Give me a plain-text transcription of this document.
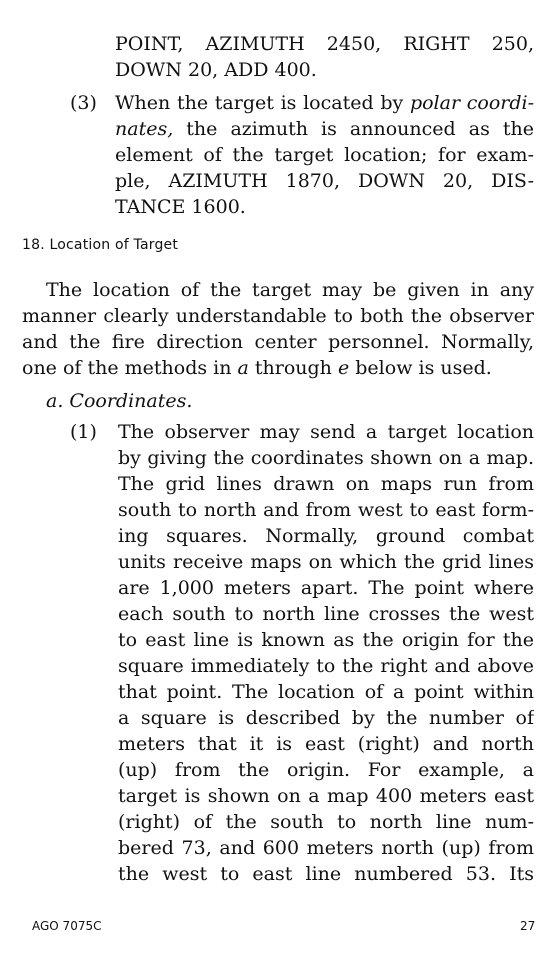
POINT, AZIMUTH 2450, RIGHT 250,
DOWN 20, ADD 400.
(3) When the target is located by polar coordi-
nates, the azimuth is announced as the
element of the target location; for exam-
ple, AZIMUTH 1870, DOWN 20, DIS-
TANCE 1600.
18. Location of Target
The location of the target may be given in any
manner clearly understandable to both the observer
and the fire direction center personnel. Normally,
one of the methods in a through e below is used.
a. Coordinates.
(1) The observer may send a target location
by giving the coordinates shown on a map.
The grid lines drawn on maps run from
south to north and from west to east form-
ing squares. Normally, ground combat
units receive maps on which the grid lines
are 1,000 meters apart. The point where
each south to north line crosses the west
to east line is known as the origin for the
square immediately to the right and above
that point. The location of a point within
a square is described by the number of
meters that it is east (right) and north
(up) from the origin. For example, a
target is shown on a map 400 meters east
(right) of the south to north line num-
bered 73, and 600 meters north (up) from
the west to east line numbered 53. Its
AGO 7075C	27
